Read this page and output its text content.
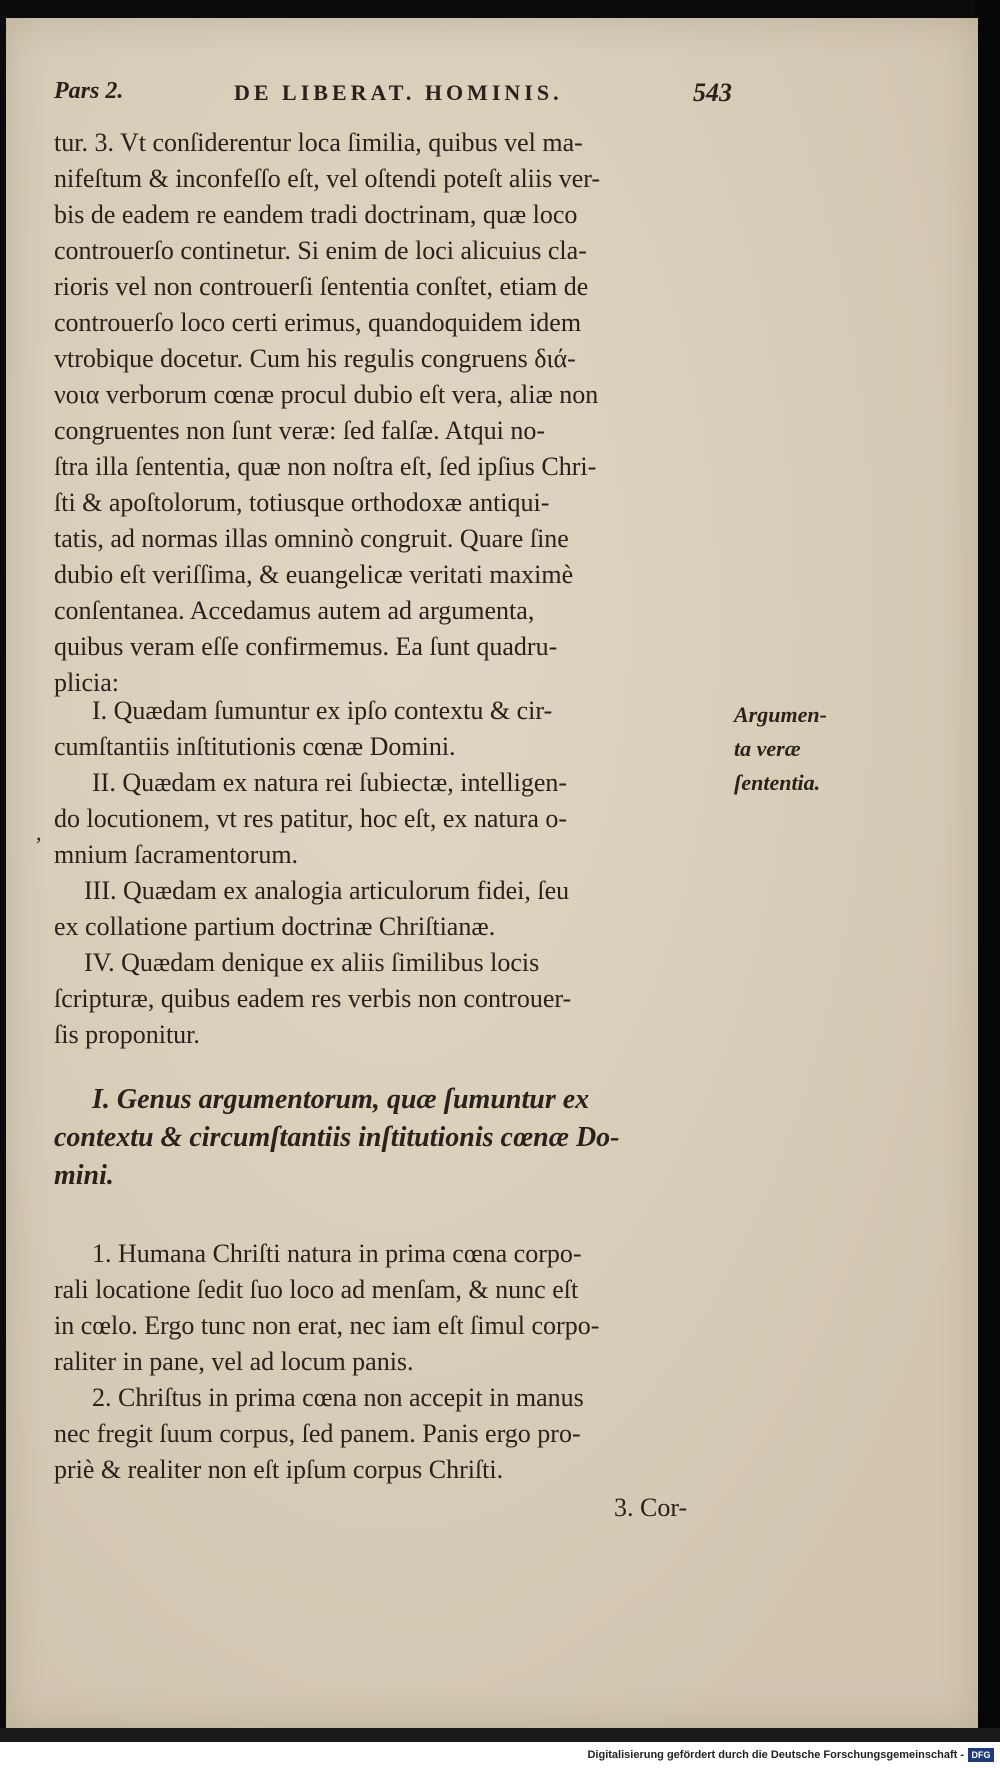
Pars 2.	DE LIBERAT. HOMINIS.	543
tur. 3. Vt conſiderentur loca ſimilia, quibus vel ma-
nifeſtum & inconfeſſo eſt, vel oſtendi poteſt aliis ver-
bis de eadem re eandem tradi doctrinam, quæ loco
controuerſo continetur. Si enim de loci alicuius cla-
rioris vel non controuerſi ſententia conſtet, etiam de
controuerſo loco certi erimus, quandoquidem idem
vtrobique docetur. Cum his regulis congruens διά-
νοια verborum cœnæ procul dubio eſt vera, aliæ non
congruentes non ſunt veræ: ſed falſæ. Atqui no-
ſtra illa ſententia, quæ non noſtra eſt, ſed ipſius Chri-
ſti & apoſtolorum, totiusque orthodoxæ antiqui-
tatis, ad normas illas omninò congruit. Quare ſine
dubio eſt veriſſima, & euangelicæ veritati maximè
conſentanea. Accedamus autem ad argumenta,
quibus veram eſſe confirmemus. Ea ſunt quadru-
plicia:
I. Quædam ſumuntur ex ipſo contextu & cir-
cumſtantiis inſtitutionis cœnæ Domini.
II. Quædam ex natura rei ſubiectæ, intelligen-
do locutionem, vt res patitur, hoc eſt, ex natura o-
mnium ſacramentorum.
III. Quædam ex analogia articulorum fidei, ſeu
ex collatione partium doctrinæ Chriſtianæ.
IV. Quædam denique ex aliis ſimilibus locis
ſcripturæ, quibus eadem res verbis non controuer-
ſis proponitur.
,
Argumen-
ta veræ
ſententia.
I. Genus argumentorum, quæ ſumuntur ex
contextu & circumſtantiis inſtitutionis cœnæ Do-
mini.
1. Humana Chriſti natura in prima cœna corpo-
rali locatione ſedit ſuo loco ad menſam, & nunc eſt
in cœlo. Ergo tunc non erat, nec iam eſt ſimul corpo-
raliter in pane, vel ad locum panis.
2. Chriſtus in prima cœna non accepit in manus
nec fregit ſuum corpus, ſed panem. Panis ergo pro-
priè & realiter non eſt ipſum corpus Chriſti.
3. Cor-
Digitalisierung gefördert durch die Deutsche Forschungsgemeinschaft - DFG
